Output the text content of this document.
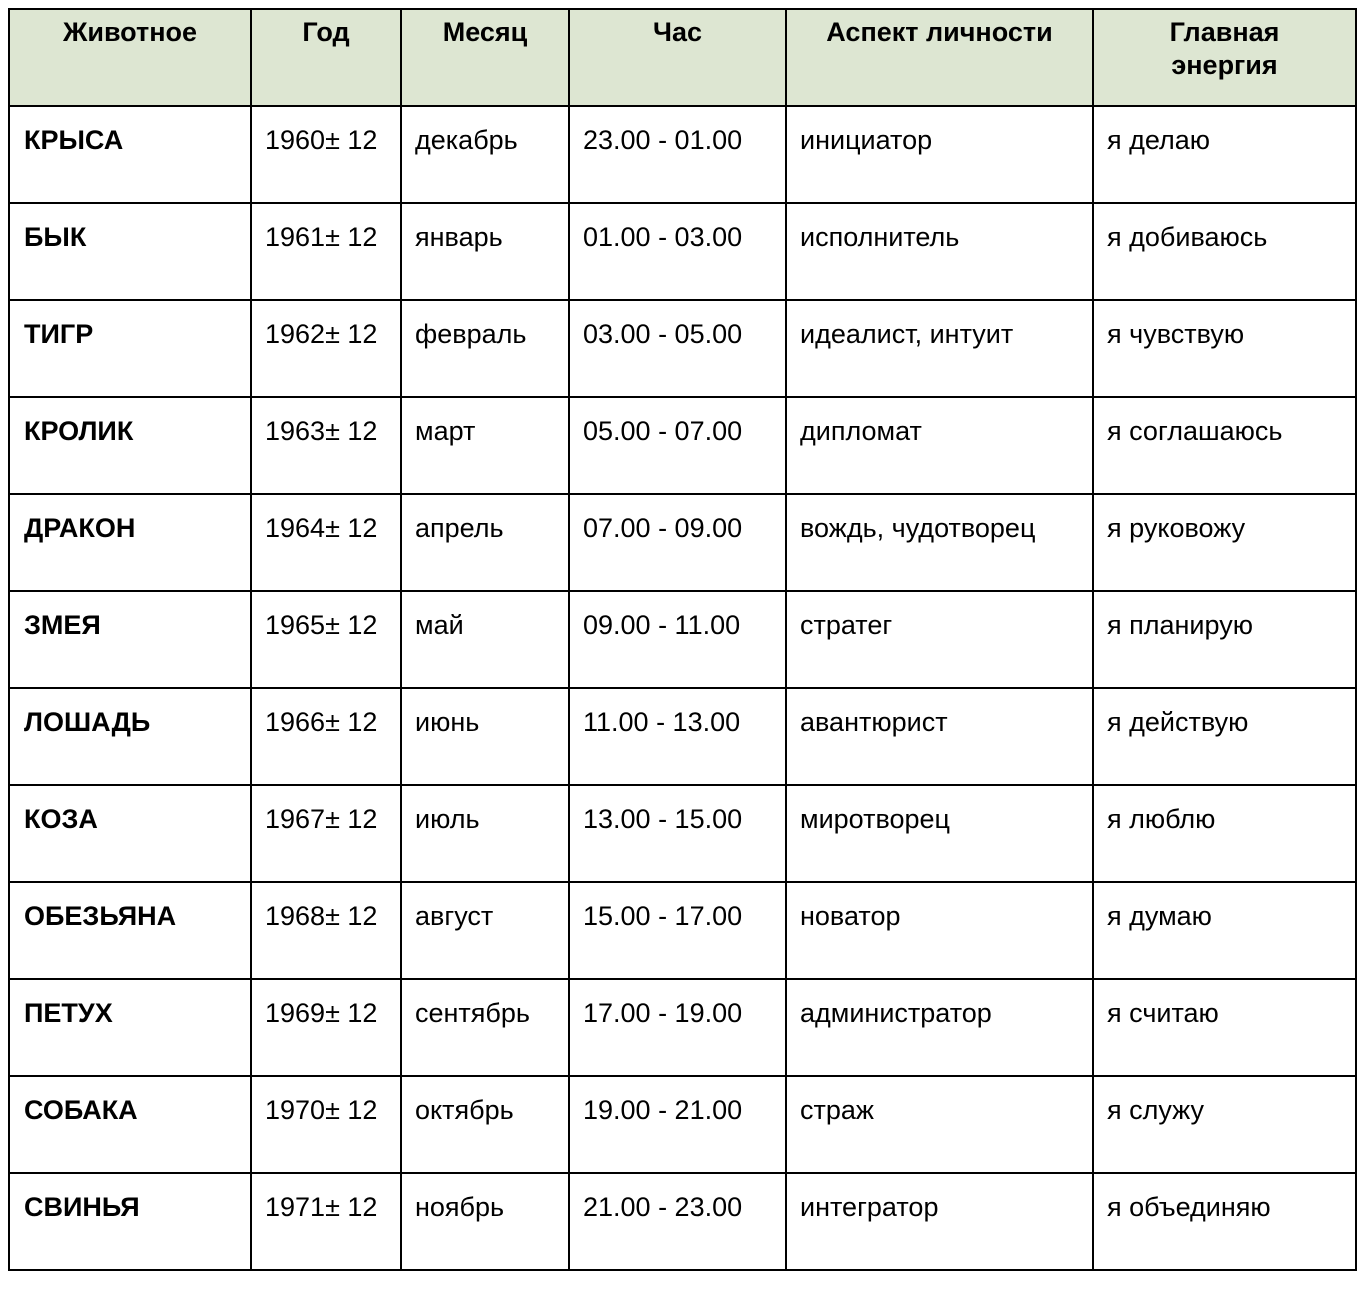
Животное	Год	Месяц	Час	Аспект личности	Главная
энергия
КРЫСА	1960± 12	декабрь	23.00 - 01.00	инициатор	я делаю
БЫК	1961± 12	январь	01.00 - 03.00	исполнитель	я добиваюсь
ТИГР	1962± 12	февраль	03.00 - 05.00	идеалист, интуит	я чувствую
КРОЛИК	1963± 12	март	05.00 - 07.00	дипломат	я соглашаюсь
ДРАКОН	1964± 12	апрель	07.00 - 09.00	вождь, чудотворец	я руковожу
ЗМЕЯ	1965± 12	май	09.00 - 11.00	стратег	я планирую
ЛОШАДЬ	1966± 12	июнь	11.00 - 13.00	авантюрист	я действую
КОЗА	1967± 12	июль	13.00 - 15.00	миротворец	я люблю
ОБЕЗЬЯНА	1968± 12	август	15.00 - 17.00	новатор	я думаю
ПЕТУХ	1969± 12	сентябрь	17.00 - 19.00	администратор	я считаю
СОБАКА	1970± 12	октябрь	19.00 - 21.00	страж	я служу
СВИНЬЯ	1971± 12	ноябрь	21.00 - 23.00	интегратор	я объединяю
